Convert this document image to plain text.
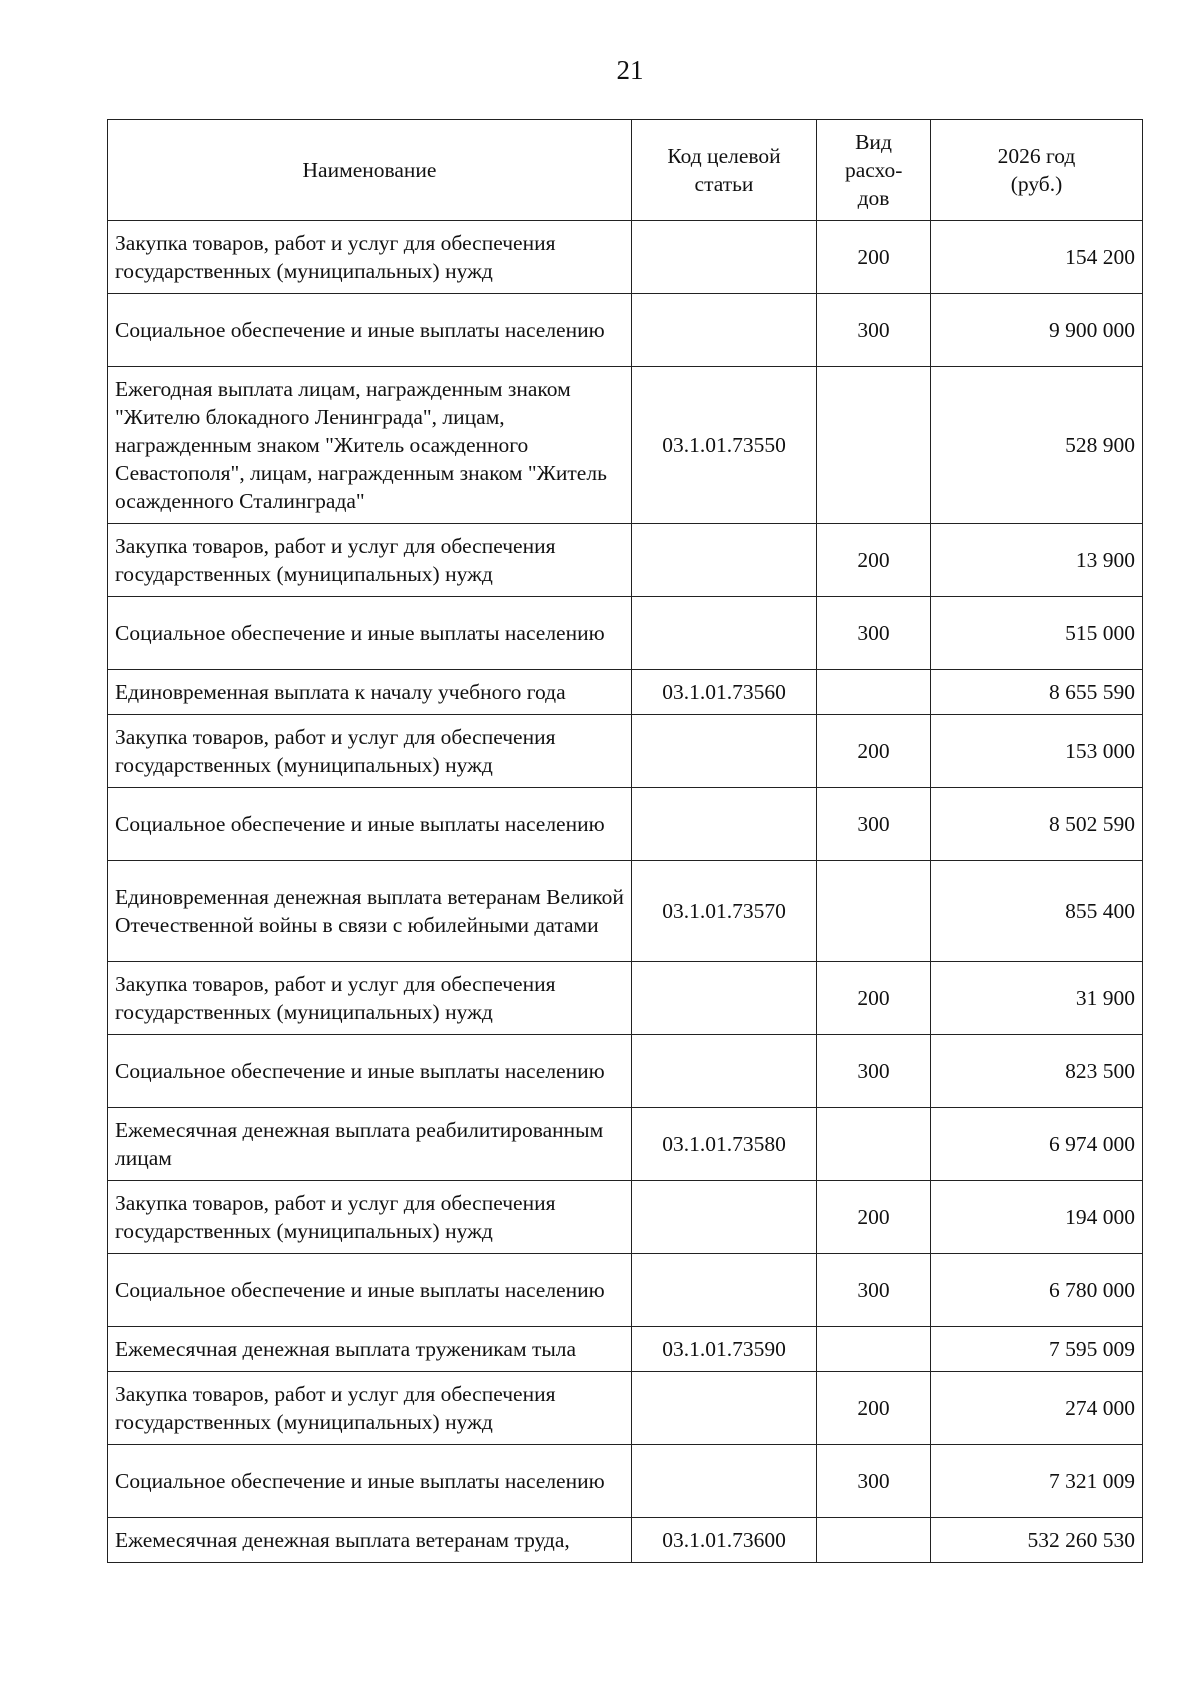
21
Наименование	Код целевой статьи	Вид расхо-дов	2026 год (руб.)
Закупка товаров, работ и услуг для обеспечения государственных (муниципальных) нужд		200	154 200
Социальное обеспечение и иные выплаты населению		300	9 900 000
Ежегодная выплата лицам, награжденным знаком "Жителю блокадного Ленинграда", лицам, награжденным знаком "Житель осажденного Севастополя", лицам, награжденным знаком "Житель осажденного Сталинграда"	03.1.01.73550		528 900
Закупка товаров, работ и услуг для обеспечения государственных (муниципальных) нужд		200	13 900
Социальное обеспечение и иные выплаты населению		300	515 000
Единовременная выплата к началу учебного года	03.1.01.73560		8 655 590
Закупка товаров, работ и услуг для обеспечения государственных (муниципальных) нужд		200	153 000
Социальное обеспечение и иные выплаты населению		300	8 502 590
Единовременная денежная выплата ветеранам Великой Отечественной войны в связи с юбилейными датами	03.1.01.73570		855 400
Закупка товаров, работ и услуг для обеспечения государственных (муниципальных) нужд		200	31 900
Социальное обеспечение и иные выплаты населению		300	823 500
Ежемесячная денежная выплата реабилитированным лицам	03.1.01.73580		6 974 000
Закупка товаров, работ и услуг для обеспечения государственных (муниципальных) нужд		200	194 000
Социальное обеспечение и иные выплаты населению		300	6 780 000
Ежемесячная денежная выплата труженикам тыла	03.1.01.73590		7 595 009
Закупка товаров, работ и услуг для обеспечения государственных (муниципальных) нужд		200	274 000
Социальное обеспечение и иные выплаты населению		300	7 321 009
Ежемесячная денежная выплата ветеранам труда,	03.1.01.73600		532 260 530
